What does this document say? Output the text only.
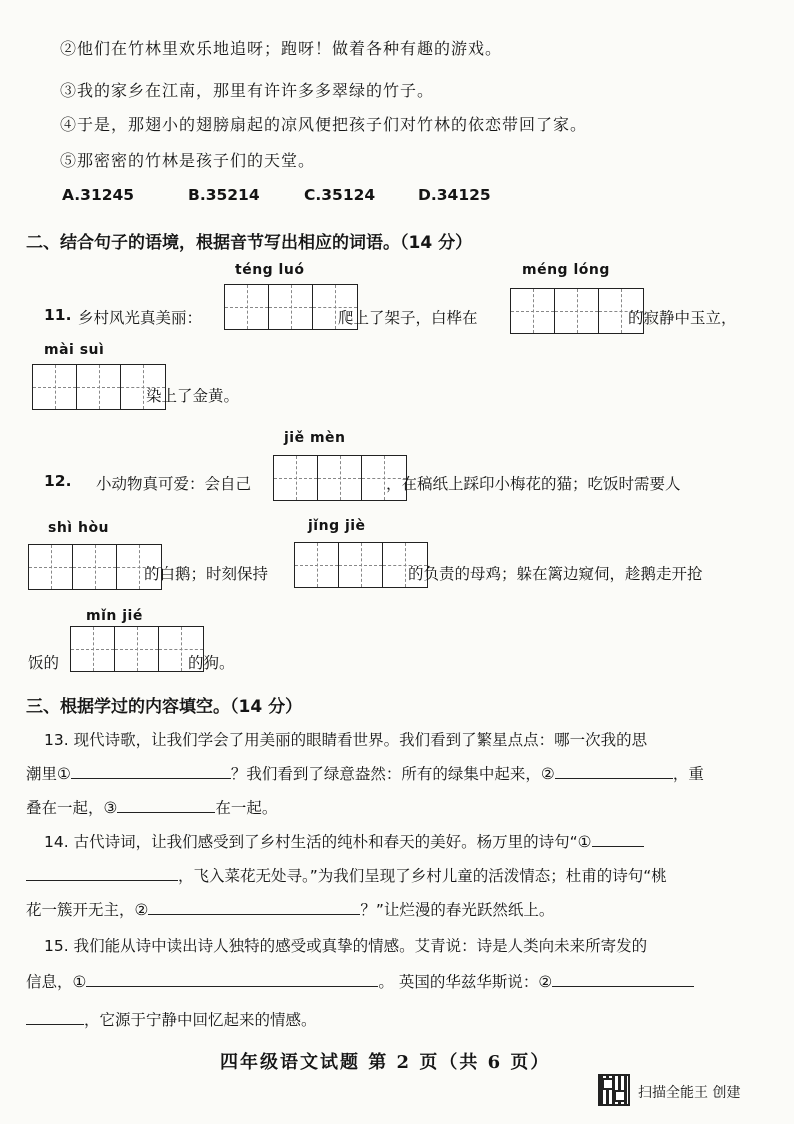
②他们在竹林里欢乐地追呀；跑呀！做着各种有趣的游戏。
③我的家乡在江南，那里有许许多多翠绿的竹子。
④于是，那翅小的翅膀扇起的凉风便把孩子们对竹林的依恋带回了家。
⑤那密密的竹林是孩子们的天堂。
A.31245	B.35214	C.35124	D.34125
二、结合句子的语境，根据音节写出相应的词语。（14 分）
téng luó	méng lóng
11. 乡村风光真美丽：	爬上了架子，白桦在	的寂静中玉立，
mài suì
染上了金黄。
jiě mèn
12. 小动物真可爱：会自己	，在稿纸上踩印小梅花的猫；吃饭时需要人
shì hòu	jǐng jiè
的白鹅；时刻保持	的负责的母鸡；躲在篱边窥伺，趁鹅走开抢
mǐn jié
饭的	的狗。
三、根据学过的内容填空。（14 分）
13. 现代诗歌，让我们学会了用美丽的眼睛看世界。我们看到了繁星点点：哪一次我的思
潮里①	？我们看到了绿意盎然：所有的绿集中起来，②	，重
叠在一起，③	在一起。
14. 古代诗词，让我们感受到了乡村生活的纯朴和春天的美好。杨万里的诗句“①
，飞入菜花无处寻。”为我们呈现了乡村儿童的活泼情态；杜甫的诗句“桃
花一簇开无主，②	？”让烂漫的春光跃然纸上。
15. 我们能从诗中读出诗人独特的感受或真挚的情感。艾青说：诗是人类向未来所寄发的
信息，①	。 英国的华兹华斯说：②
，它源于宁静中回忆起来的情感。
四年级语文试题 第 2 页（共 6 页）
扫描全能王 创建
